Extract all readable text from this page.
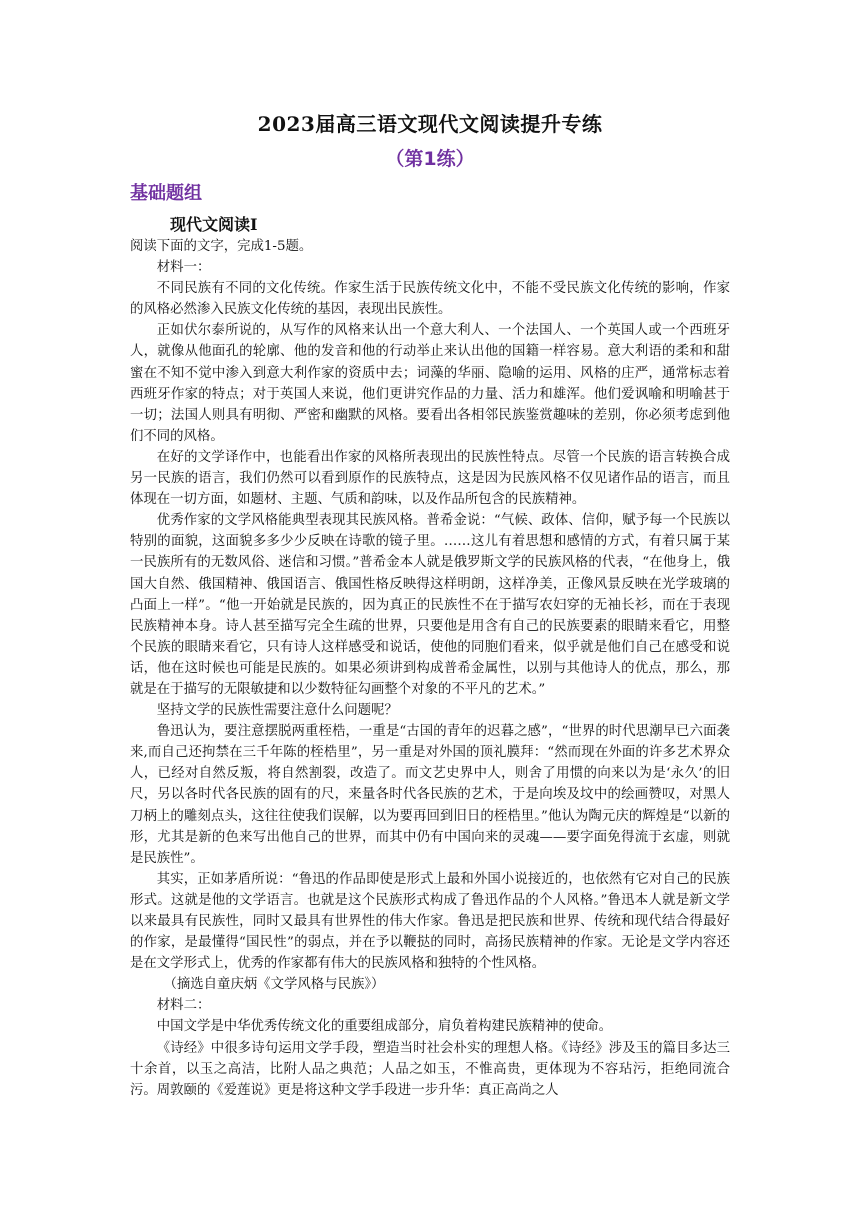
2023届高三语文现代文阅读提升专练
（第1练）
基础题组
现代文阅读Ⅰ

阅读下面的文字，完成1-5题。

材料一：

不同民族有不同的文化传统。作家生活于民族传统文化中，不能不受民族文化传统的影响，作家的风格必然渗入民族文化传统的基因，表现出民族性。

正如伏尔泰所说的，从写作的风格来认出一个意大利人、一个法国人、一个英国人或一个西班牙人，就像从他面孔的轮廓、他的发音和他的行动举止来认出他的国籍一样容易。意大利语的柔和和甜蜜在不知不觉中渗入到意大利作家的资质中去；词藻的华丽、隐喻的运用、风格的庄严，通常标志着西班牙作家的特点；对于英国人来说，他们更讲究作品的力量、活力和雄浑。他们爱讽喻和明喻甚于一切；法国人则具有明彻、严密和幽默的风格。要看出各相邻民族鉴赏趣味的差别，你必须考虑到他们不同的风格。

在好的文学译作中，也能看出作家的风格所表现出的民族性特点。尽管一个民族的语言转换合成另一民族的语言，我们仍然可以看到原作的民族特点，这是因为民族风格不仅见诸作品的语言，而且体现在一切方面，如题材、主题、气质和韵味，以及作品所包含的民族精神。

优秀作家的文学风格能典型表现其民族风格。普希金说：“气候、政体、信仰，赋予每一个民族以特别的面貌，这面貌多多少少反映在诗歌的镜子里。……这儿有着思想和感情的方式，有着只属于某一民族所有的无数风俗、迷信和习惯。”普希金本人就是俄罗斯文学的民族风格的代表，“在他身上，俄国大自然、俄国精神、俄国语言、俄国性格反映得这样明朗，这样净美，正像风景反映在光学玻璃的凸面上一样”。“他一开始就是民族的，因为真正的民族性不在于描写农妇穿的无袖长衫，而在于表现民族精神本身。诗人甚至描写完全生疏的世界，只要他是用含有自己的民族要素的眼睛来看它，用整个民族的眼睛来看它，只有诗人这样感受和说话，使他的同胞们看来，似乎就是他们自己在感受和说话，他在这时候也可能是民族的。如果必须讲到构成普希金属性，以别与其他诗人的优点，那么，那就是在于描写的无限敏捷和以少数特征勾画整个对象的不平凡的艺术。”

坚持文学的民族性需要注意什么问题呢？

鲁迅认为，要注意摆脱两重桎梏，一重是“古国的青年的迟暮之感”，“世界的时代思潮早已六面袭来,而自己还拘禁在三千年陈的桎梏里”，另一重是对外国的顶礼膜拜：“然而现在外面的许多艺术界众人，已经对自然反叛，将自然割裂，改造了。而文艺史界中人，则舍了用惯的向来以为是‘永久’的旧尺，另以各时代各民族的固有的尺，来量各时代各民族的艺术，于是向埃及坟中的绘画赞叹，对黑人刀柄上的雕刻点头，这往往使我们误解，以为要再回到旧日的桎梏里。”他认为陶元庆的辉煌是“以新的形，尤其是新的色来写出他自己的世界，而其中仍有中国向来的灵魂——要字面免得流于玄虚，则就是民族性”。

其实，正如茅盾所说：“鲁迅的作品即使是形式上最和外国小说接近的，也依然有它对自己的民族形式。这就是他的文学语言。也就是这个民族形式构成了鲁迅作品的个人风格。”鲁迅本人就是新文学以来最具有民族性，同时又最具有世界性的伟大作家。鲁迅是把民族和世界、传统和现代结合得最好的作家，是最懂得“国民性”的弱点，并在予以鞭挞的同时，高扬民族精神的作家。无论是文学内容还是在文学形式上，优秀的作家都有伟大的民族风格和独特的个性风格。

（摘选自童庆炳《文学风格与民族》）

材料二：

中国文学是中华优秀传统文化的重要组成部分，肩负着构建民族精神的使命。

《诗经》中很多诗句运用文学手段，塑造当时社会朴实的理想人格。《诗经》涉及玉的篇目多达三十余首，以玉之高洁，比附人品之典范；人品之如玉，不惟高贵，更体现为不容玷污，拒绝同流合污。周敦颐的《爱莲说》更是将这种文学手段进一步升华：真正高尚之人
